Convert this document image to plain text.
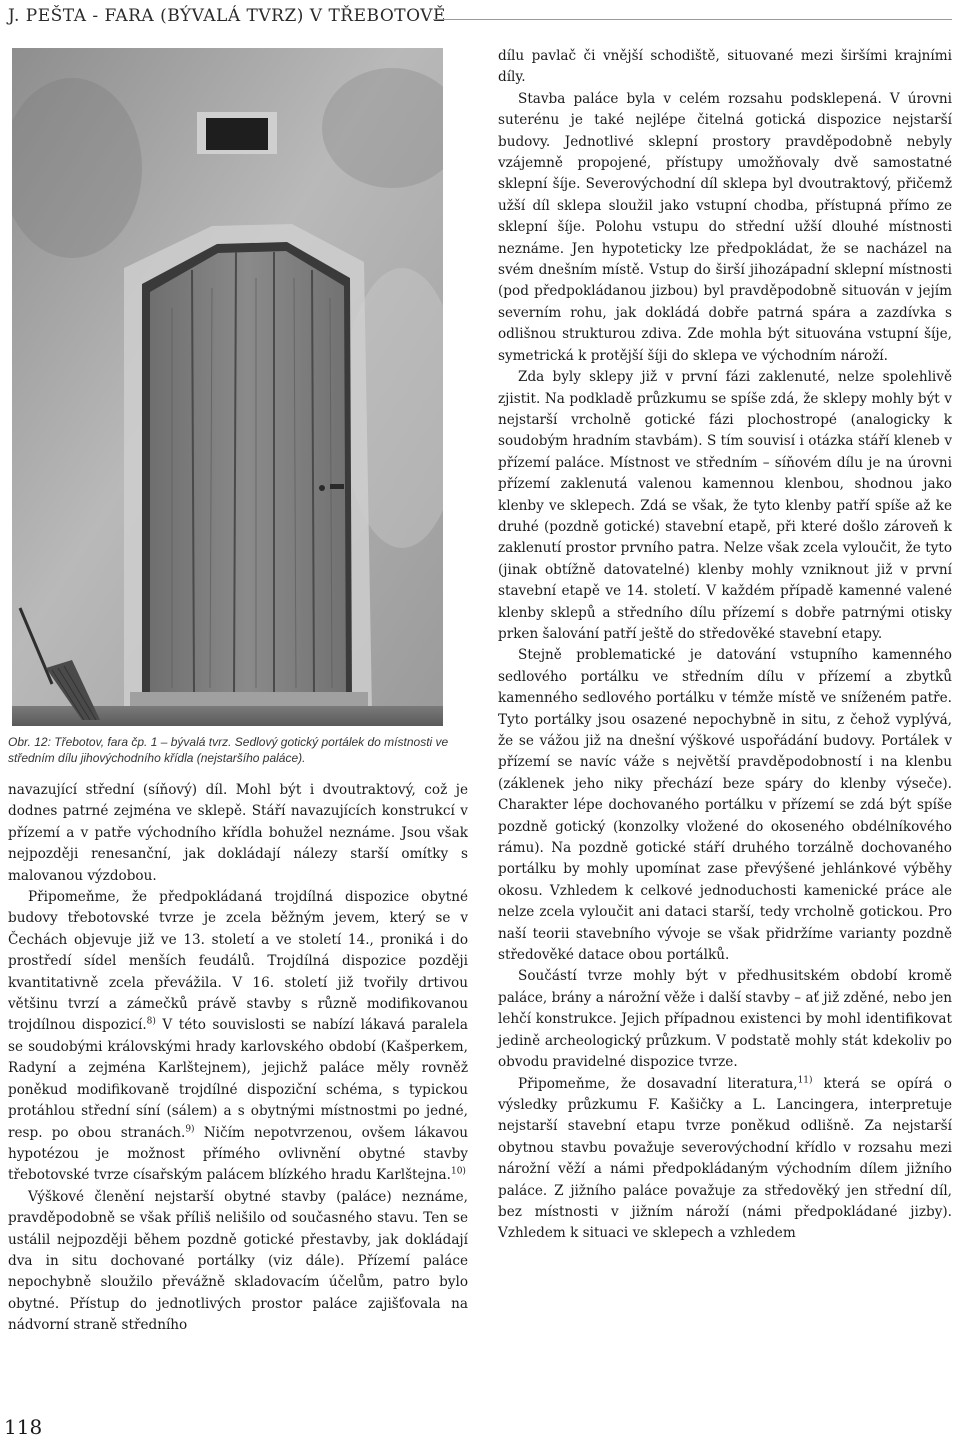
J. PEŠTA - FARA (BÝVALÁ TVRZ) V TŘEBOTOVĚ

Obr. 12: Třebotov, fara čp. 1 – bývalá tvrz. Sedlový gotický portálek do místnosti ve středním dílu jihovýchodního křídla (nejstaršího paláce).

navazující střední (síňový) díl. Mohl být i dvoutraktový, což je dodnes patrné zejména ve sklepě. Stáří navazujících konstrukcí v přízemí a v patře východního křídla bohužel neznáme. Jsou však nejpozději renesanční, jak dokládají nálezy starší omítky s malovanou výzdobou.

Připomeňme, že předpokládaná trojdílná dispozice obytné budovy třebotovské tvrze je zcela běžným jevem, který se v Čechách objevuje již ve 13. století a ve století 14., proniká i do prostředí sídel menších feudálů. Trojdílná dispozice později kvantitativně zcela převážila. V 16. století již tvořily drtivou většinu tvrzí a zámečků právě stavby s různě modifikovanou trojdílnou dispozicí.$^{8)}$ V této souvislosti se nabízí lákavá paralela se soudobými královskými hrady karlovského období (Kašperkem, Radyní a zejména Karlštejnem), jejichž paláce měly rovněž poněkud modifikovaně trojdílné dispoziční schéma, s typickou protáhlou střední síní (sálem) a s obytnými místnostmi po jedné, resp. po obou stranách.$^{9)}$ Ničím nepotvrzenou, ovšem lákavou hypotézou je možnost přímého ovlivnění obytné stavby třebotovské tvrze císařským palácem blízkého hradu Karlštejna.$^{10)}$

Výškové členění nejstarší obytné stavby (paláce) neznáme, pravděpodobně se však příliš nelišilo od současného stavu. Ten se ustálil nejpozději během pozdně gotické přestavby, jak dokládají dva in situ dochované portálky (viz dále). Přízemí paláce nepochybně sloužilo převážně skladovacím účelům, patro bylo obytné. Přístup do jednotlivých prostor paláce zajišťovala na nádvorní straně středního

dílu pavlač či vnější schodiště, situované mezi širšími krajními díly.

Stavba paláce byla v celém rozsahu podsklepená. V úrovni suterénu je také nejlépe čitelná gotická dispozice nejstarší budovy. Jednotlivé sklepní prostory pravděpodobně nebyly vzájemně propojené, přístupy umožňovaly dvě samostatné sklepní šíje. Severovýchodní díl sklepa byl dvoutraktový, přičemž užší díl sklepa sloužil jako vstupní chodba, přístupná přímo ze sklepní šíje. Polohu vstupu do střední užší dlouhé místnosti neznáme. Jen hypoteticky lze předpokládat, že se nacházel na svém dnešním místě. Vstup do širší jihozápadní sklepní místnosti (pod předpokládanou jizbou) byl pravděpodobně situován v jejím severním rohu, jak dokládá dobře patrná spára a zazdívka s odlišnou strukturou zdiva. Zde mohla být situována vstupní šíje, symetrická k protější šíji do sklepa ve východním nároží.

Zda byly sklepy již v první fázi zaklenuté, nelze spolehlivě zjistit. Na podkladě průzkumu se spíše zdá, že sklepy mohly být v nejstarší vrcholně gotické fázi plochostropé (analogicky k soudobým hradním stavbám). S tím souvisí i otázka stáří kleneb v přízemí paláce. Místnost ve středním – síňovém dílu je na úrovni přízemí zaklenutá valenou kamennou klenbou, shodnou jako klenby ve sklepech. Zdá se však, že tyto klenby patří spíše až ke druhé (pozdně gotické) stavební etapě, při které došlo zároveň k zaklenutí prostor prvního patra. Nelze však zcela vyloučit, že tyto (jinak obtížně datovatelné) klenby mohly vzniknout již v první stavební etapě ve 14. století. V každém případě kamenné valené klenby sklepů a středního dílu přízemí s dobře patrnými otisky prken šalování patří ještě do středověké stavební etapy.

Stejně problematické je datování vstupního kamenného sedlového portálku ve středním dílu v přízemí a zbytků kamenného sedlového portálku v témže místě ve sníženém patře. Tyto portálky jsou osazené nepochybně in situ, z čehož vyplývá, že se vážou již na dnešní výškové uspořádání budovy. Portálek v přízemí se navíc váže s největší pravděpodobností i na klenbu (záklenek jeho niky přechází beze spáry do klenby výseče). Charakter lépe dochovaného portálku v přízemí se zdá být spíše pozdně gotický (konzolky vložené do okoseného obdélníkového rámu). Na pozdně gotické stáří druhého torzálně dochovaného portálku by mohly upomínat zase převýšené jehlánkové výběhy okosu. Vzhledem k celkové jednoduchosti kamenické práce ale nelze zcela vyloučit ani dataci starší, tedy vrcholně gotickou. Pro naší teorii stavebního vývoje se však přidržíme varianty pozdně středověké datace obou portálků.

Součástí tvrze mohly být v předhusitském období kromě paláce, brány a nárožní věže i další stavby – ať již zděné, nebo jen lehčí konstrukce. Jejich případnou existenci by mohl identifikovat jedině archeologický průzkum. V podstatě mohly stát kdekoliv po obvodu pravidelné dispozice tvrze.

Připomeňme, že dosavadní literatura,$^{11)}$ která se opírá o výsledky průzkumu F. Kašičky a L. Lancingera, interpretuje nejstarší stavební etapu tvrze poněkud odlišně. Za nejstarší obytnou stavbu považuje severovýchodní křídlo v rozsahu mezi nárožní věží a námi předpokládaným východním dílem jižního paláce. Z jižního paláce považuje za středověký jen střední díl, bez místnosti v jižním nároží (námi předpokládané jizby). Vzhledem k situaci ve sklepech a vzhledem

118
